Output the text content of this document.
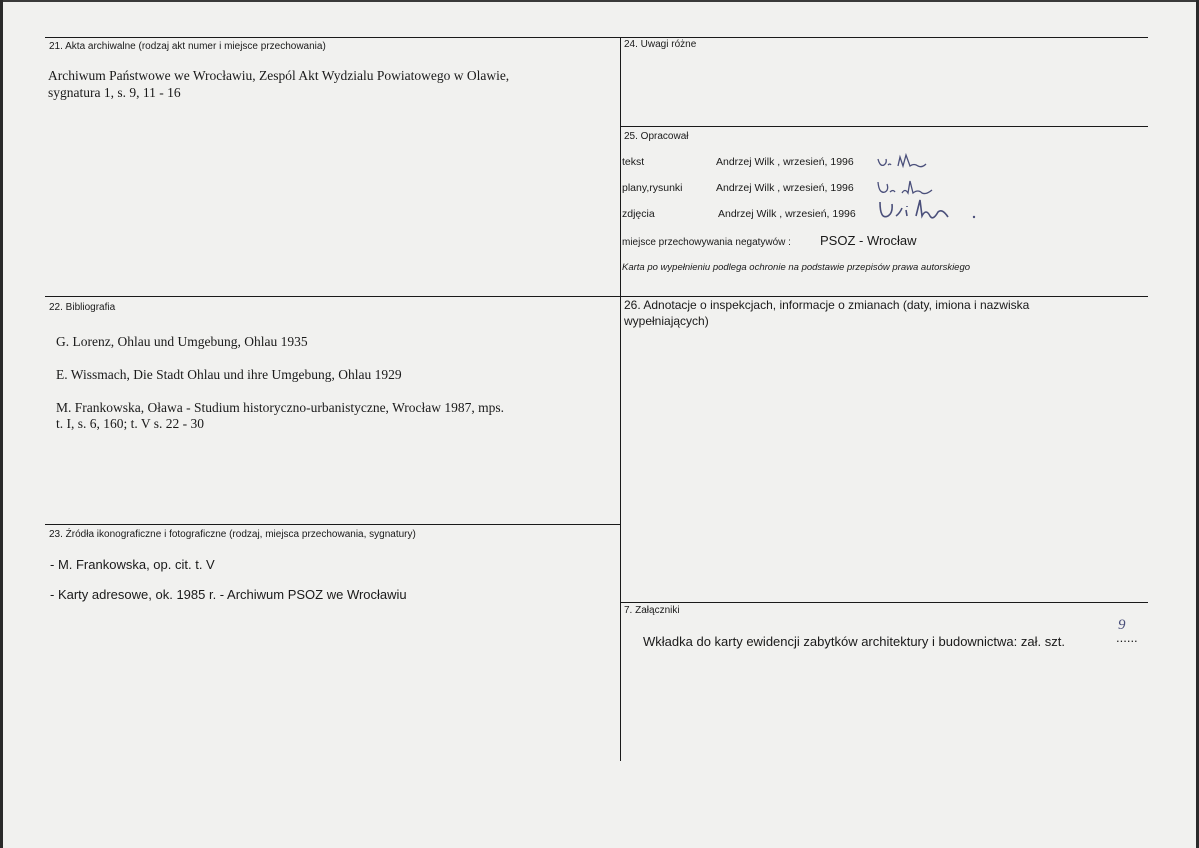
21. Akta archiwalne (rodzaj akt numer i miejsce przechowania)
Archiwum Państwowe we Wrocławiu, Zespól Akt Wydzialu Powiatowego w Olawie,
sygnatura 1, s. 9, 11 - 16
24. Uwagi różne
25. Opracował
tekst	Andrzej Wilk , wrzesień, 1996
plany,rysunki	Andrzej Wilk , wrzesień, 1996
zdjęcia	Andrzej Wilk , wrzesień, 1996
miejsce przechowywania negatywów : PSOZ - Wrocław
Karta po wypełnieniu podlega ochronie na podstawie przepisów prawa autorskiego
22. Bibliografia
G. Lorenz, Ohlau und Umgebung, Ohlau 1935
E. Wissmach, Die Stadt Ohlau und ihre Umgebung, Ohlau 1929
M. Frankowska, Oława - Studium historyczno-urbanistyczne, Wrocław 1987, mps.
t. I, s. 6, 160; t. V s. 22 - 30
26. Adnotacje o inspekcjach, informacje o zmianach (daty, imiona i nazwiska
wypełniających)
23. Źródła ikonograficzne i fotograficzne (rodzaj, miejsca przechowania, sygnatury)
- M. Frankowska, op. cit. t. V
- Karty adresowe, ok. 1985 r. - Archiwum PSOZ we Wrocławiu
7. Załączniki
Wkładka do karty ewidencji zabytków architektury i budownictwa: zał. szt.
9
......
